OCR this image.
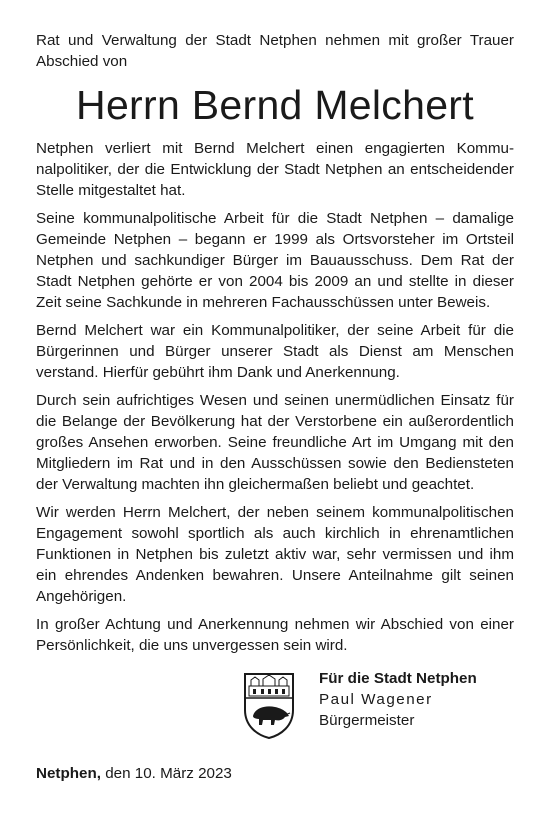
Rat und Verwaltung der Stadt Netphen nehmen mit großer Trauer Abschied von

Herrn Bernd Melchert

Netphen verliert mit Bernd Melchert einen engagierten Kommunalpolitiker, der die Entwicklung der Stadt Netphen an entscheidender Stelle mitgestaltet hat.

Seine kommunalpolitische Arbeit für die Stadt Netphen – damalige Gemeinde Netphen – begann er 1999 als Ortsvorsteher im Ortsteil Netphen und sachkundiger Bürger im Bauausschuss. Dem Rat der Stadt Netphen gehörte er von 2004 bis 2009 an und stellte in dieser Zeit seine Sachkunde in mehreren Fachausschüssen unter Beweis.

Bernd Melchert war ein Kommunalpolitiker, der seine Arbeit für die Bürgerinnen und Bürger unserer Stadt als Dienst am Menschen verstand. Hierfür gebührt ihm Dank und Anerkennung.

Durch sein aufrichtiges Wesen und seinen unermüdlichen Einsatz für die Belange der Bevölkerung hat der Verstorbene ein außerordentlich großes Ansehen erworben. Seine freundliche Art im Umgang mit den Mitgliedern im Rat und in den Ausschüssen sowie den Bediensteten der Verwaltung machten ihn gleichermaßen beliebt und geachtet.

Wir werden Herrn Melchert, der neben seinem kommunalpolitischen Engagement sowohl sportlich als auch kirchlich in ehrenamtlichen Funktionen in Netphen bis zuletzt aktiv war, sehr vermissen und ihm ein ehrendes Andenken bewahren. Unsere Anteilnahme gilt seinen Angehörigen.

In großer Achtung und Anerkennung nehmen wir Abschied von einer Persönlichkeit, die uns unvergessen sein wird.

Für die Stadt Netphen
Paul Wagener
Bürgermeister
Netphen, den 10. März 2023
